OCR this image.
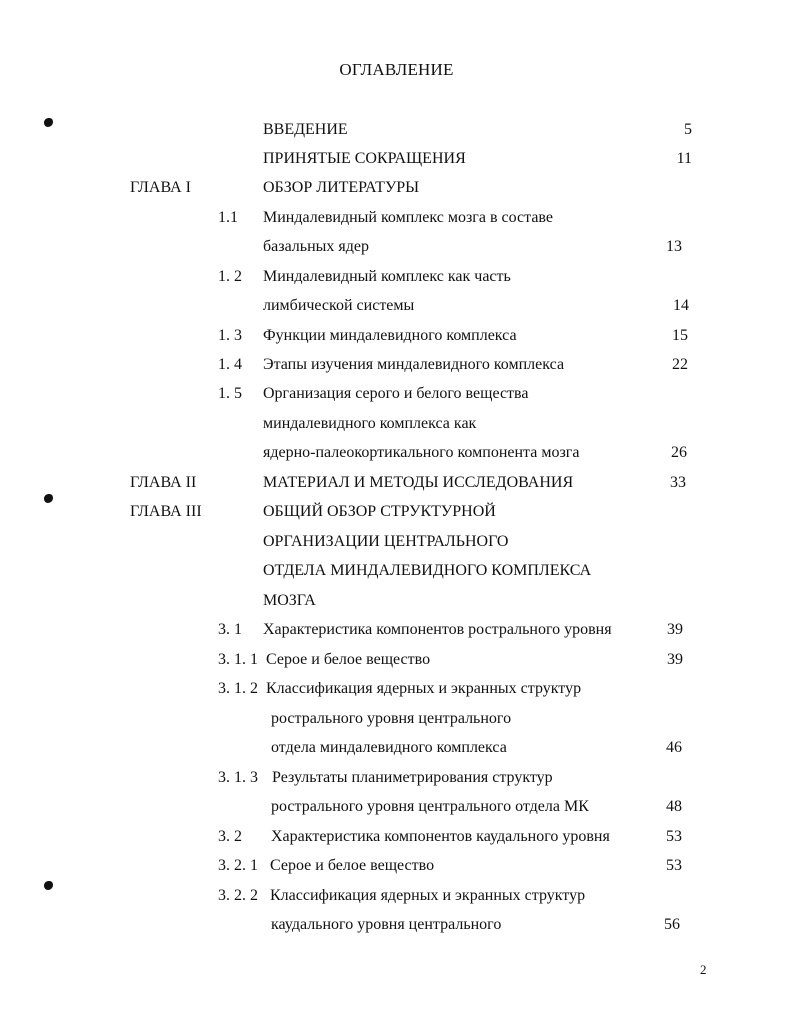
ОГЛАВЛЕНИЕ
ВВЕДЕНИЕ	5
ПРИНЯТЫЕ СОКРАЩЕНИЯ	11
ГЛАВА I	ОБЗОР ЛИТЕРАТУРЫ
1.1 Миндалевидный комплекс мозга в составе
базальных ядер	13
1. 2 Миндалевидный комплекс как часть
лимбической системы	14
1. 3 Функции миндалевидного комплекса	15
1. 4 Этапы изучения миндалевидного комплекса	22
1. 5 Организация серого и белого вещества
миндалевидного комплекса как
ядерно-палеокортикального компонента мозга	26
ГЛАВА II	МАТЕРИАЛ И МЕТОДЫ ИССЛЕДОВАНИЯ	33
ГЛАВА III	ОБЩИЙ ОБЗОР СТРУКТУРНОЙ
ОРГАНИЗАЦИИ ЦЕНТРАЛЬНОГО
ОТДЕЛА МИНДАЛЕВИДНОГО КОМПЛЕКСА
МОЗГА
3. 1 Характеристика компонентов рострального уровня	39
3. 1. 1 Серое и белое вещество	39
3. 1. 2 Классификация ядерных и экранных структур
рострального уровня центрального
отдела миндалевидного комплекса	46
3. 1. 3 Результаты планиметрирования структур
рострального уровня центрального отдела МК	48
3. 2 Характеристика компонентов каудального уровня	53
3. 2. 1 Серое и белое вещество	53
3. 2. 2 Классификация ядерных и экранных структур
каудального уровня центрального	56
2
